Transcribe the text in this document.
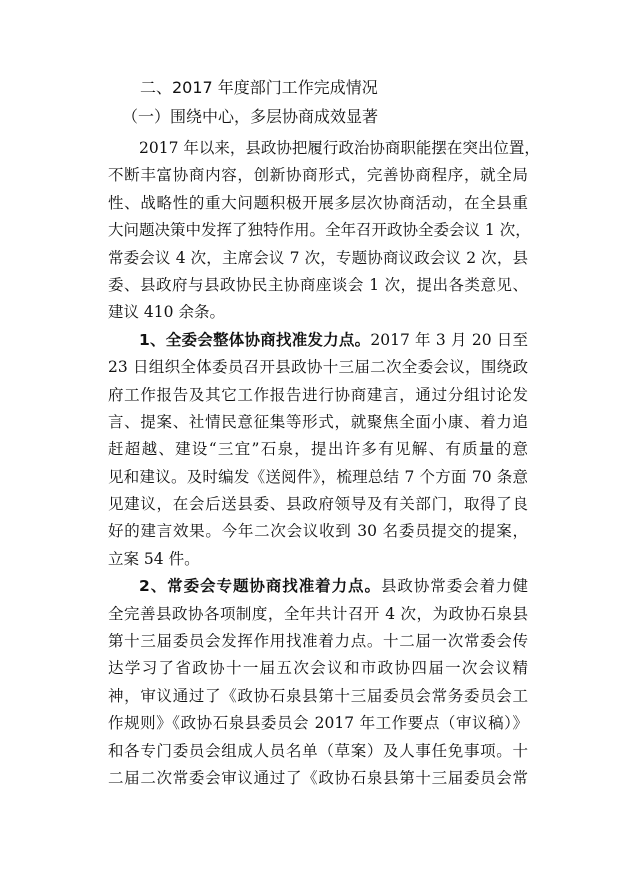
二、2017 年度部门工作完成情况
（一）围绕中心，多层协商成效显著
2017 年以来，县政协把履行政治协商职能摆在突出位置，
不断丰富协商内容，创新协商形式，完善协商程序，就全局
性、战略性的重大问题积极开展多层次协商活动，在全县重
大问题决策中发挥了独特作用。全年召开政协全委会议 1 次，
常委会议 4 次，主席会议 7 次，专题协商议政会议 2 次，县
委、县政府与县政协民主协商座谈会 1 次，提出各类意见、
建议 410 余条。
1、全委会整体协商找准发力点。2017 年 3 月 20 日至
23 日组织全体委员召开县政协十三届二次全委会议，围绕政
府工作报告及其它工作报告进行协商建言，通过分组讨论发
言、提案、社情民意征集等形式，就聚焦全面小康、着力追
赶超越、建设“三宜”石泉，提出许多有见解、有质量的意
见和建议。及时编发《送阅件》，梳理总结 7 个方面 70 条意
见建议，在会后送县委、县政府领导及有关部门，取得了良
好的建言效果。今年二次会议收到 30 名委员提交的提案，
立案 54 件。
2、常委会专题协商找准着力点。县政协常委会着力健
全完善县政协各项制度，全年共计召开 4 次，为政协石泉县
第十三届委员会发挥作用找准着力点。十二届一次常委会传
达学习了省政协十一届五次会议和市政协四届一次会议精
神，审议通过了《政协石泉县第十三届委员会常务委员会工
作规则》《政协石泉县委员会 2017 年工作要点（审议稿）》
和各专门委员会组成人员名单（草案）及人事任免事项。十
二届二次常委会审议通过了《政协石泉县第十三届委员会常
